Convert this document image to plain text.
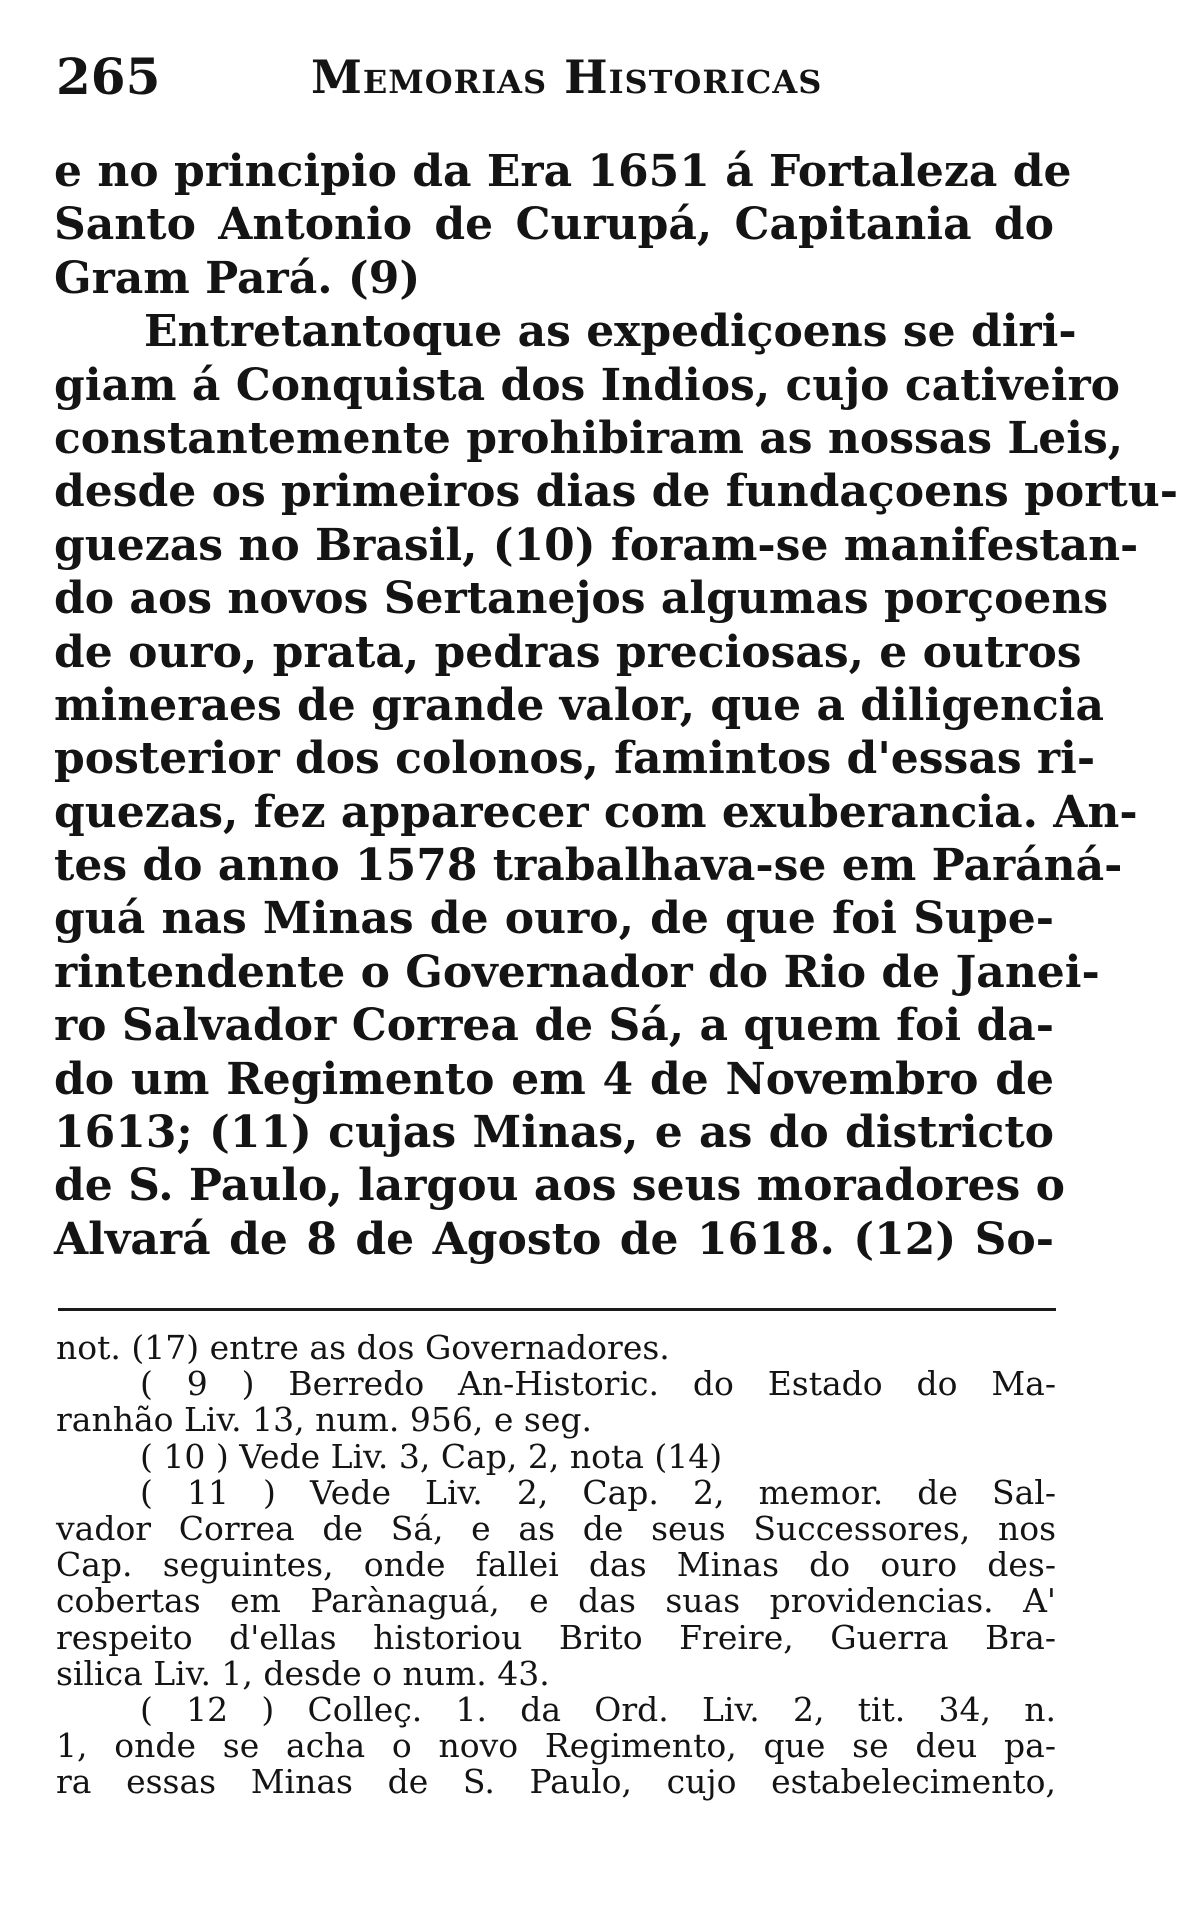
265	Memorias Historicas
e no principio da Era 1651 á Fortaleza de
Santo Antonio de Curupá, Capitania do
Gram Pará. (9)
Entretantoque as expediçoens se diri-
giam á Conquista dos Indios, cujo cativeiro
constantemente prohibiram as nossas Leis,
desde os primeiros dias de fundaçoens portu-
guezas no Brasil, (10) foram-se manifestan-
do aos novos Sertanejos algumas porçoens
de ouro, prata, pedras preciosas, e outros
mineraes de grande valor, que a diligencia
posterior dos colonos, famintos d'essas ri-
quezas, fez apparecer com exuberancia. An-
tes do anno 1578 trabalhava-se em Paráná-
guá nas Minas de ouro, de que foi Supe-
rintendente o Governador do Rio de Janei-
ro Salvador Correa de Sá, a quem foi da-
do um Regimento em 4 de Novembro de
1613; (11) cujas Minas, e as do districto
de S. Paulo, largou aos seus moradores o
Alvará de 8 de Agosto de 1618. (12) So-
not. (17) entre as dos Governadores.
( 9 ) Berredo An-Historic. do Estado do Ma-
ranhão Liv. 13, num. 956, e seg.
( 10 ) Vede Liv. 3, Cap, 2, nota (14)
( 11 ) Vede Liv. 2, Cap. 2, memor. de Sal-
vador Correa de Sá, e as de seus Successores, nos
Cap. seguintes, onde fallei das Minas do ouro des-
cobertas em Parànaguá, e das suas providencias. A'
respeito d'ellas historiou Brito Freire, Guerra Bra-
silica Liv. 1, desde o num. 43.
( 12 ) Colleç. 1. da Ord. Liv. 2, tit. 34, n.
1, onde se acha o novo Regimento, que se deu pa-
ra essas Minas de S. Paulo, cujo estabelecimento,
